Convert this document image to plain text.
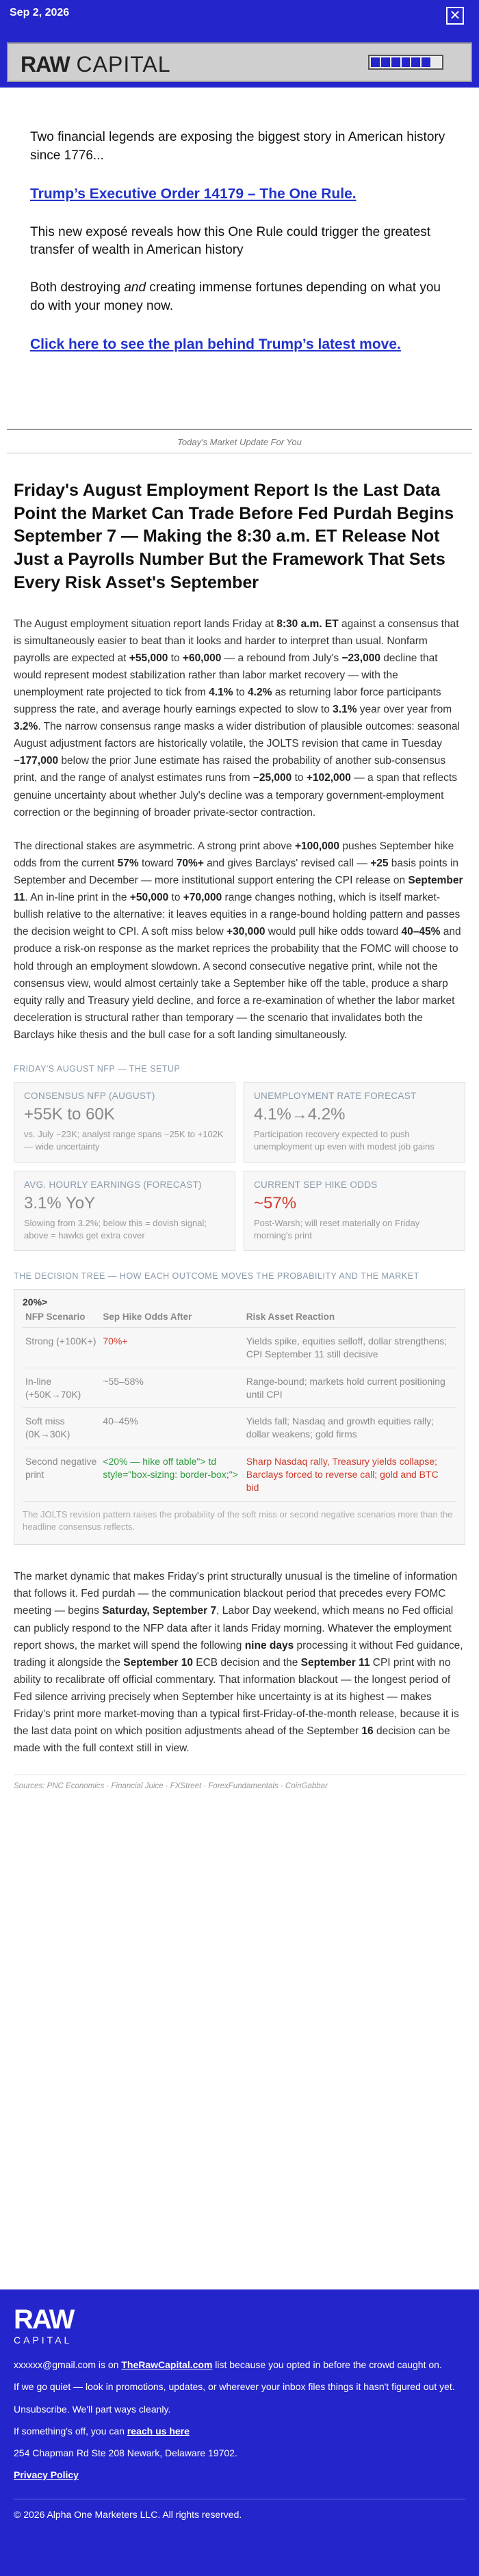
Sep 2, 2026	✕
RAW CAPITAL

Two financial legends are exposing the biggest story in American history since 1776...

Trump’s Executive Order 14179 – The One Rule.

This new exposé reveals how this One Rule could trigger the greatest transfer of wealth in American history

Both destroying and creating immense fortunes depending on what you do with your money now.

Click here to see the plan behind Trump’s latest move.

Today's Market Update For You
Friday's August Employment Report Is the Last Data Point the Market Can Trade Before Fed Purdah Begins September 7 — Making the 8:30 a.m. ET Release Not Just a Payrolls Number But the Framework That Sets Every Risk Asset's September

The August employment situation report lands Friday at 8:30 a.m. ET against a consensus that is simultaneously easier to beat than it looks and harder to interpret than usual. Nonfarm payrolls are expected at +55,000 to +60,000 — a rebound from July's −23,000 decline that would represent modest stabilization rather than labor market recovery — with the unemployment rate projected to tick from 4.1% to 4.2% as returning labor force participants suppress the rate, and average hourly earnings expected to slow to 3.1% year over year from 3.2%. The narrow consensus range masks a wider distribution of plausible outcomes: seasonal August adjustment factors are historically volatile, the JOLTS revision that came in Tuesday −177,000 below the prior June estimate has raised the probability of another sub-consensus print, and the range of analyst estimates runs from −25,000 to +102,000 — a span that reflects genuine uncertainty about whether July's decline was a temporary government-employment correction or the beginning of broader private-sector contraction.

The directional stakes are asymmetric. A strong print above +100,000 pushes September hike odds from the current 57% toward 70%+ and gives Barclays' revised call — +25 basis points in September and December — more institutional support entering the CPI release on September 11. An in-line print in the +50,000 to +70,000 range changes nothing, which is itself market-bullish relative to the alternative: it leaves equities in a range-bound holding pattern and passes the decision weight to CPI. A soft miss below +30,000 would pull hike odds toward 40–45% and produce a risk-on response as the market reprices the probability that the FOMC will choose to hold through an employment slowdown. A second consecutive negative print, while not the consensus view, would almost certainly take a September hike off the table, produce a sharp equity rally and Treasury yield decline, and force a re-examination of whether the labor market deceleration is structural rather than temporary — the scenario that invalidates both the Barclays hike thesis and the bull case for a soft landing simultaneously.

FRIDAY'S AUGUST NFP — THE SETUP
CONSENSUS NFP (AUGUST)
+55K to 60K
vs. July −23K; analyst range spans −25K to +102K — wide uncertainty
UNEMPLOYMENT RATE FORECAST
4.1%→4.2%
Participation recovery expected to push unemployment up even with modest job gains
AVG. HOURLY EARNINGS (FORECAST)
3.1% YoY
Slowing from 3.2%; below this = dovish signal; above = hawks get extra cover
CURRENT SEP HIKE ODDS
~57%
Post-Warsh; will reset materially on Friday morning's print
THE DECISION TREE — HOW EACH OUTCOME MOVES THE PROBABILITY AND THE MARKET
20%>
NFP Scenario	Sep Hike Odds After	Risk Asset Reaction
Strong (+100K+)	70%+	Yields spike, equities selloff, dollar strengthens; CPI September 11 still decisive
In-line (+50K→70K)	~55–58%	Range-bound; markets hold current positioning until CPI
Soft miss (0K→30K)	40–45%	Yields fall; Nasdaq and growth equities rally; dollar weakens; gold firms
Second negative print	<20% — hike off table"> td style="box-sizing: border-box;">	Sharp Nasdaq rally, Treasury yields collapse; Barclays forced to reverse call; gold and BTC bid
The JOLTS revision pattern raises the probability of the soft miss or second negative scenarios more than the headline consensus reflects.

The market dynamic that makes Friday's print structurally unusual is the timeline of information that follows it. Fed purdah — the communication blackout period that precedes every FOMC meeting — begins Saturday, September 7, Labor Day weekend, which means no Fed official can publicly respond to the NFP data after it lands Friday morning. Whatever the employment report shows, the market will spend the following nine days processing it without Fed guidance, trading it alongside the September 10 ECB decision and the September 11 CPI print with no ability to recalibrate off official commentary. That information blackout — the longest period of Fed silence arriving precisely when September hike uncertainty is at its highest — makes Friday's print more market-moving than a typical first-Friday-of-the-month release, because it is the last data point on which position adjustments ahead of the September 16 decision can be made with the full context still in view.

Sources: PNC Economics · Financial Juice · FXStreet · ForexFundamentals · CoinGabbar
RAW
CAPITAL

xxxxxx@gmail.com is on TheRawCapital.com list because you opted in before the crowd caught on.

If we go quiet — look in promotions, updates, or wherever your inbox files things it hasn't figured out yet.

Unsubscribe. We'll part ways cleanly.

If something's off, you can reach us here

254 Chapman Rd Ste 208 Newark, Delaware 19702.

Privacy Policy

© 2026 Alpha One Marketers LLC. All rights reserved.
